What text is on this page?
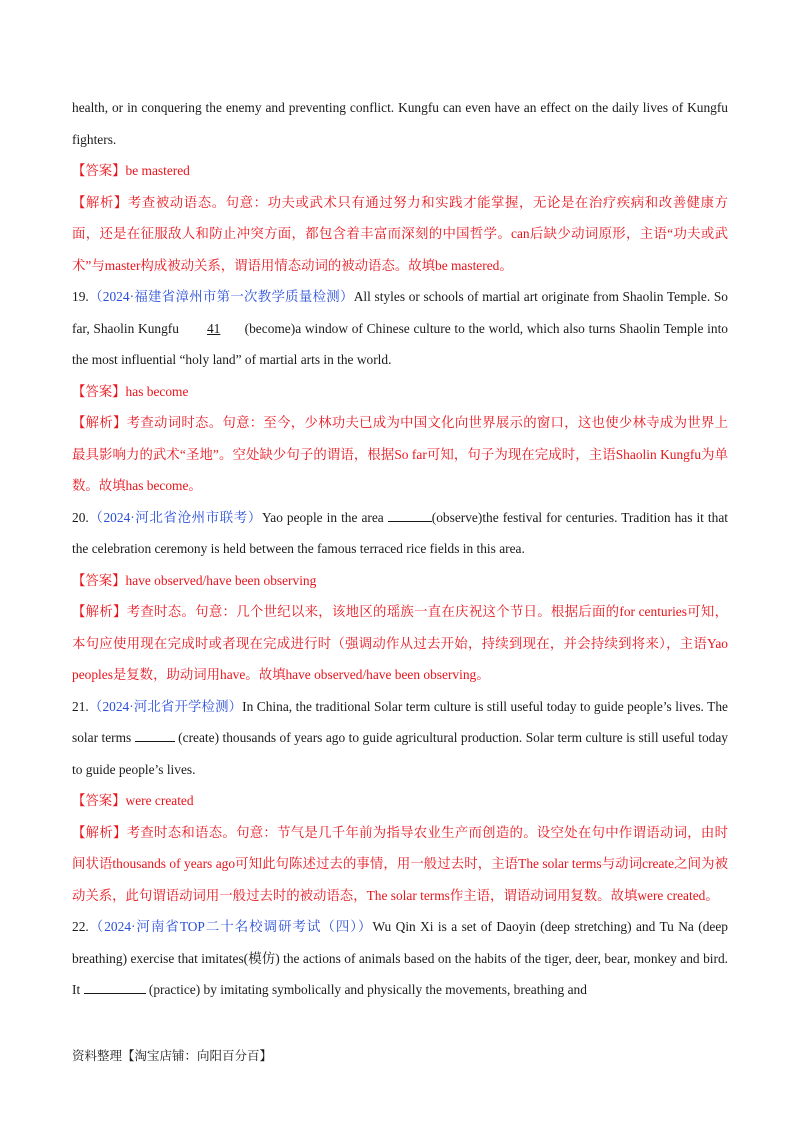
health, or in conquering the enemy and preventing conflict. Kungfu can even have an effect on the daily lives of Kungfu fighters.

【答案】be mastered

【解析】考查被动语态。句意：功夫或武术只有通过努力和实践才能掌握，无论是在治疗疾病和改善健康方面，还是在征服敌人和防止冲突方面，都包含着丰富而深刻的中国哲学。can后缺少动词原形，主语“功夫或武术”与master构成被动关系，谓语用情态动词的被动语态。故填be mastered。

19.（2024·福建省漳州市第一次教学质量检测）All styles or schools of martial art originate from Shaolin Temple. So far, Shaolin Kungfu 41 (become)a window of Chinese culture to the world, which also turns Shaolin Temple into the most influential “holy land” of martial arts in the world.

【答案】has become

【解析】考查动词时态。句意：至今，少林功夫已成为中国文化向世界展示的窗口，这也使少林寺成为世界上最具影响力的武术“圣地”。空处缺少句子的谓语，根据So far可知，句子为现在完成时，主语Shaolin Kungfu为单数。故填has become。

20.（2024·河北省沧州市联考）Yao people in the area	(observe)the festival for centuries. Tradition has it that the celebration ceremony is held between the famous terraced rice fields in this area.

【答案】have observed/have been observing

【解析】考查时态。句意：几个世纪以来，该地区的瑶族一直在庆祝这个节日。根据后面的for centuries可知，本句应使用现在完成时或者现在完成进行时（强调动作从过去开始，持续到现在，并会持续到将来），主语Yao peoples是复数，助动词用have。故填have observed/have been observing。

21.（2024·河北省开学检测）In China, the traditional Solar term culture is still useful today to guide people’s lives. The solar terms	(create) thousands of years ago to guide agricultural production. Solar term culture is still useful today to guide people’s lives.

【答案】were created

【解析】考查时态和语态。句意：节气是几千年前为指导农业生产而创造的。设空处在句中作谓语动词，由时间状语thousands of years ago可知此句陈述过去的事情，用一般过去时，主语The solar terms与动词create之间为被动关系，此句谓语动词用一般过去时的被动语态，The solar terms作主语，谓语动词用复数。故填were created。

22.（2024·河南省TOP二十名校调研考试（四））Wu Qin Xi is a set of Daoyin (deep stretching) and Tu Na (deep breathing) exercise that imitates(模仿) the actions of animals based on the habits of the tiger, deer, bear, monkey and bird. It	(practice) by imitating symbolically and physically the movements, breathing and

资料整理【淘宝店铺：向阳百分百】
